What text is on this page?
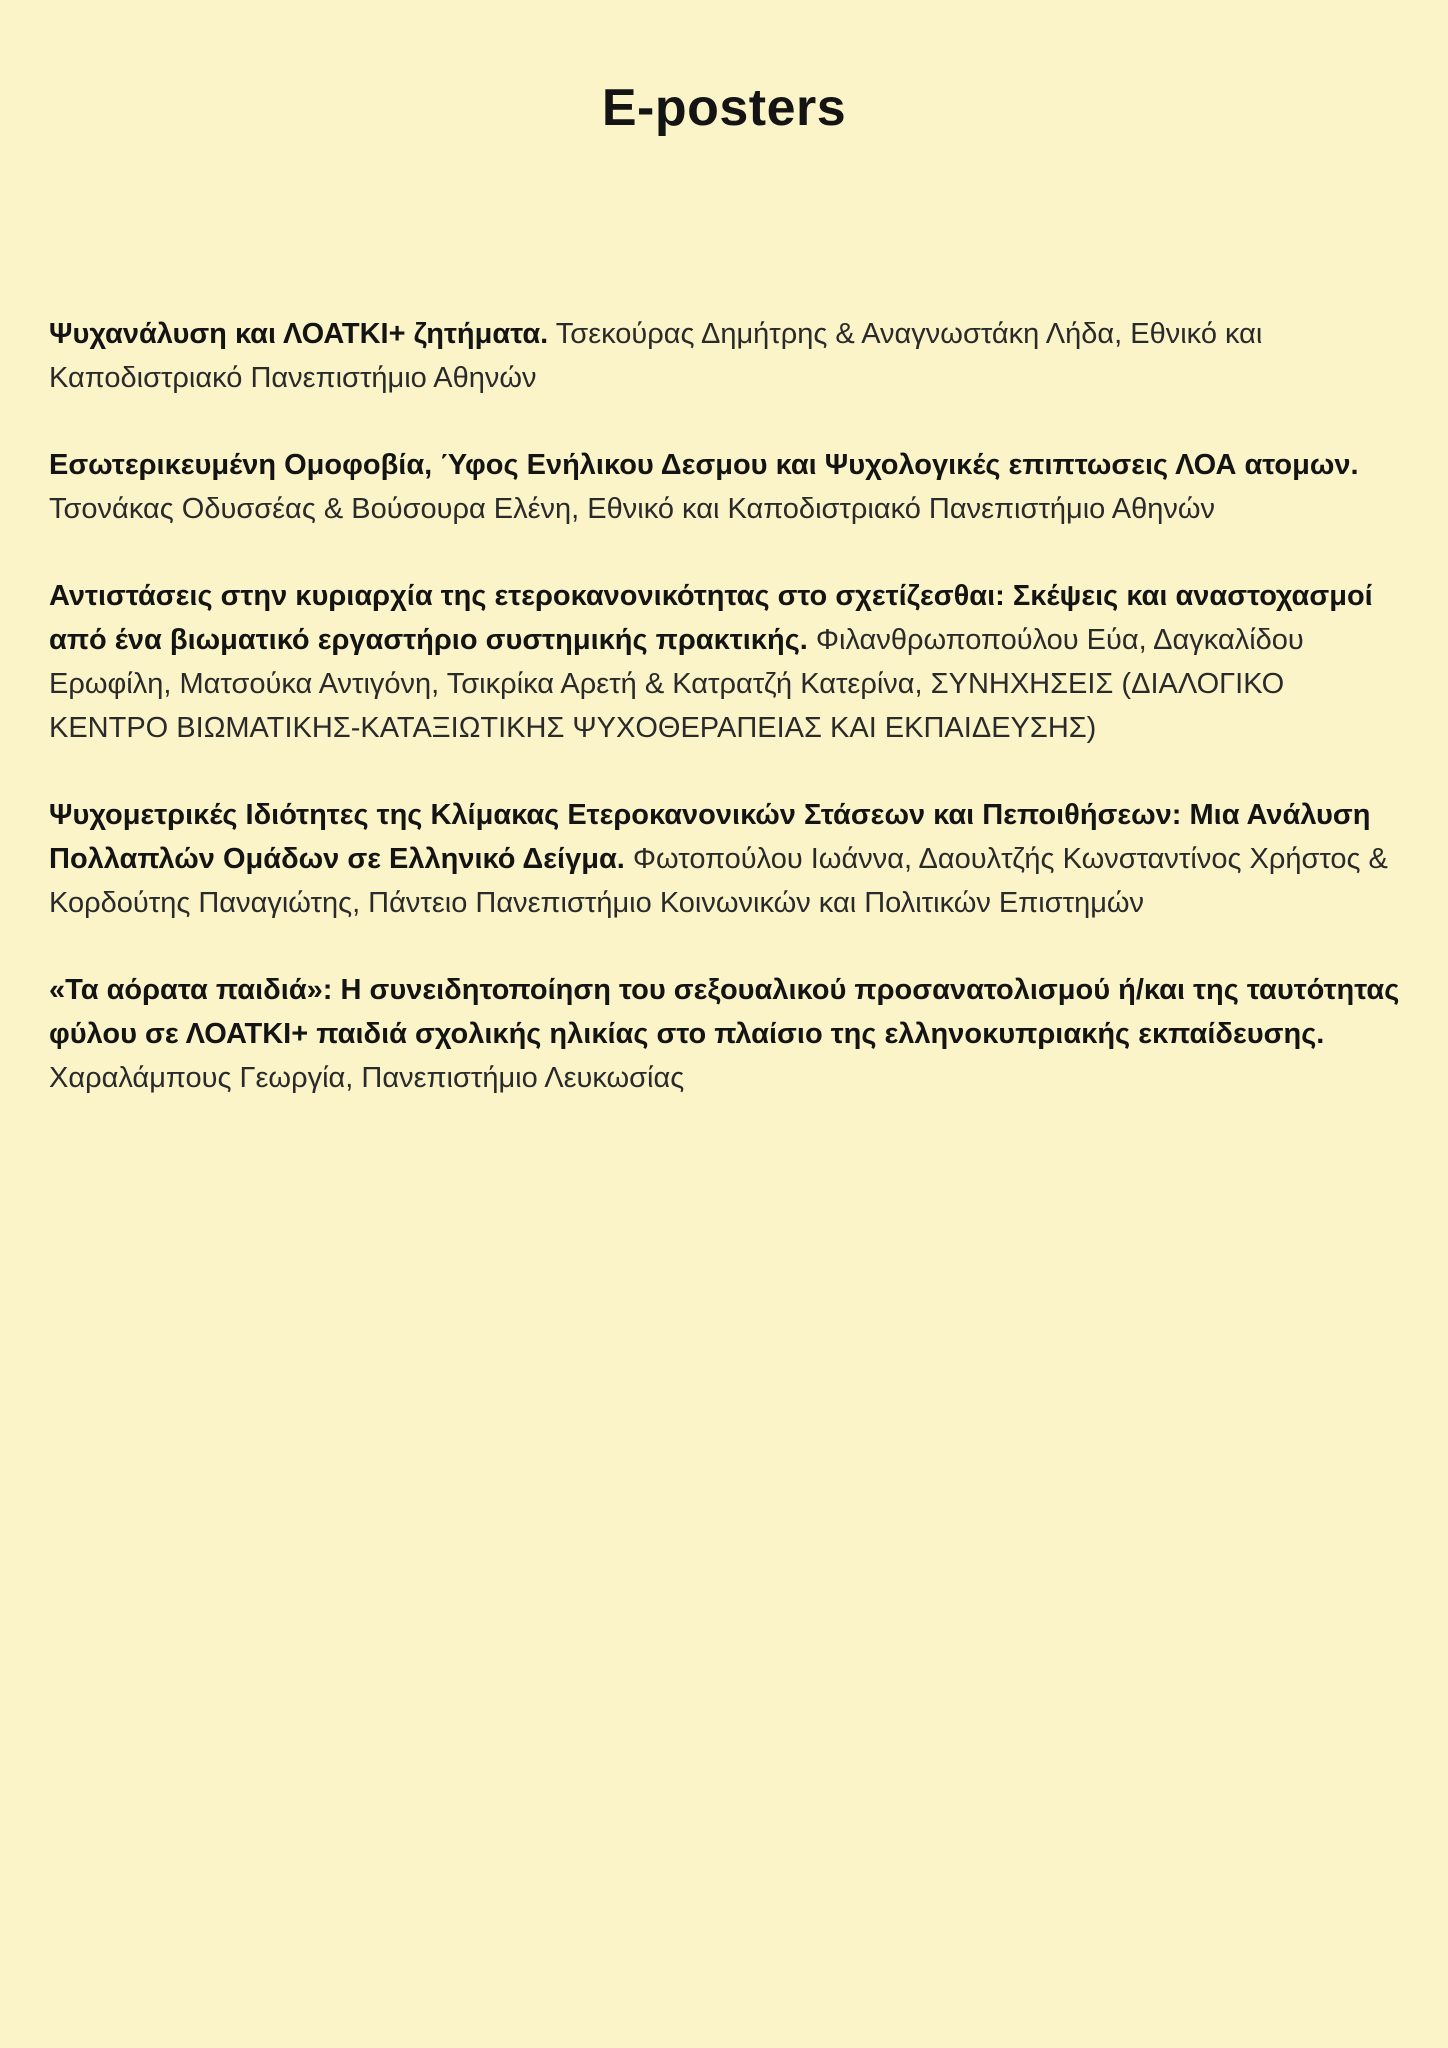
E-posters

Ψυχανάλυση και ΛΟΑΤΚΙ+ ζητήματα. Τσεκούρας Δημήτρης & Αναγνωστάκη Λήδα, Εθνικό και Καποδιστριακό Πανεπιστήμιο Αθηνών

Εσωτερικευμένη Ομοφοβία, Ύφος Ενήλικου Δεσμου και Ψυχολογικές επιπτωσεις ΛΟΑ ατομων. Τσονάκας Οδυσσέας & Βούσουρα Ελένη, Εθνικό και Καποδιστριακό Πανεπιστήμιο Αθηνών

Αντιστάσεις στην κυριαρχία της ετεροκανονικότητας στο σχετίζεσθαι: Σκέψεις και αναστοχασμοί από ένα βιωματικό εργαστήριο συστημικής πρακτικής. Φιλανθρωποπούλου Εύα, Δαγκαλίδου Ερωφίλη, Ματσούκα Αντιγόνη, Τσικρίκα Αρετή & Κατρατζή Κατερίνα, ΣΥΝΗΧΗΣΕΙΣ (ΔΙΑΛΟΓΙΚΟ ΚΕΝΤΡΟ ΒΙΩΜΑΤΙΚΗΣ-ΚΑΤΑΞΙΩΤΙΚΗΣ ΨΥΧΟΘΕΡΑΠΕΙΑΣ ΚΑΙ ΕΚΠΑΙΔΕΥΣΗΣ)

Ψυχομετρικές Ιδιότητες της Κλίμακας Ετεροκανονικών Στάσεων και Πεποιθήσεων: Μια Ανάλυση Πολλαπλών Ομάδων σε Ελληνικό Δείγμα. Φωτοπούλου Ιωάννα, Δαουλτζής Κωνσταντίνος Χρήστος & Κορδούτης Παναγιώτης, Πάντειο Πανεπιστήμιο Κοινωνικών και Πολιτικών Επιστημών

«Τα αόρατα παιδιά»: Η συνειδητοποίηση του σεξουαλικού προσανατολισμού ή/και της ταυτότητας φύλου σε ΛΟΑΤΚΙ+ παιδιά σχολικής ηλικίας στο πλαίσιο της ελληνοκυπριακής εκπαίδευσης. Χαραλάμπους Γεωργία, Πανεπιστήμιο Λευκωσίας
